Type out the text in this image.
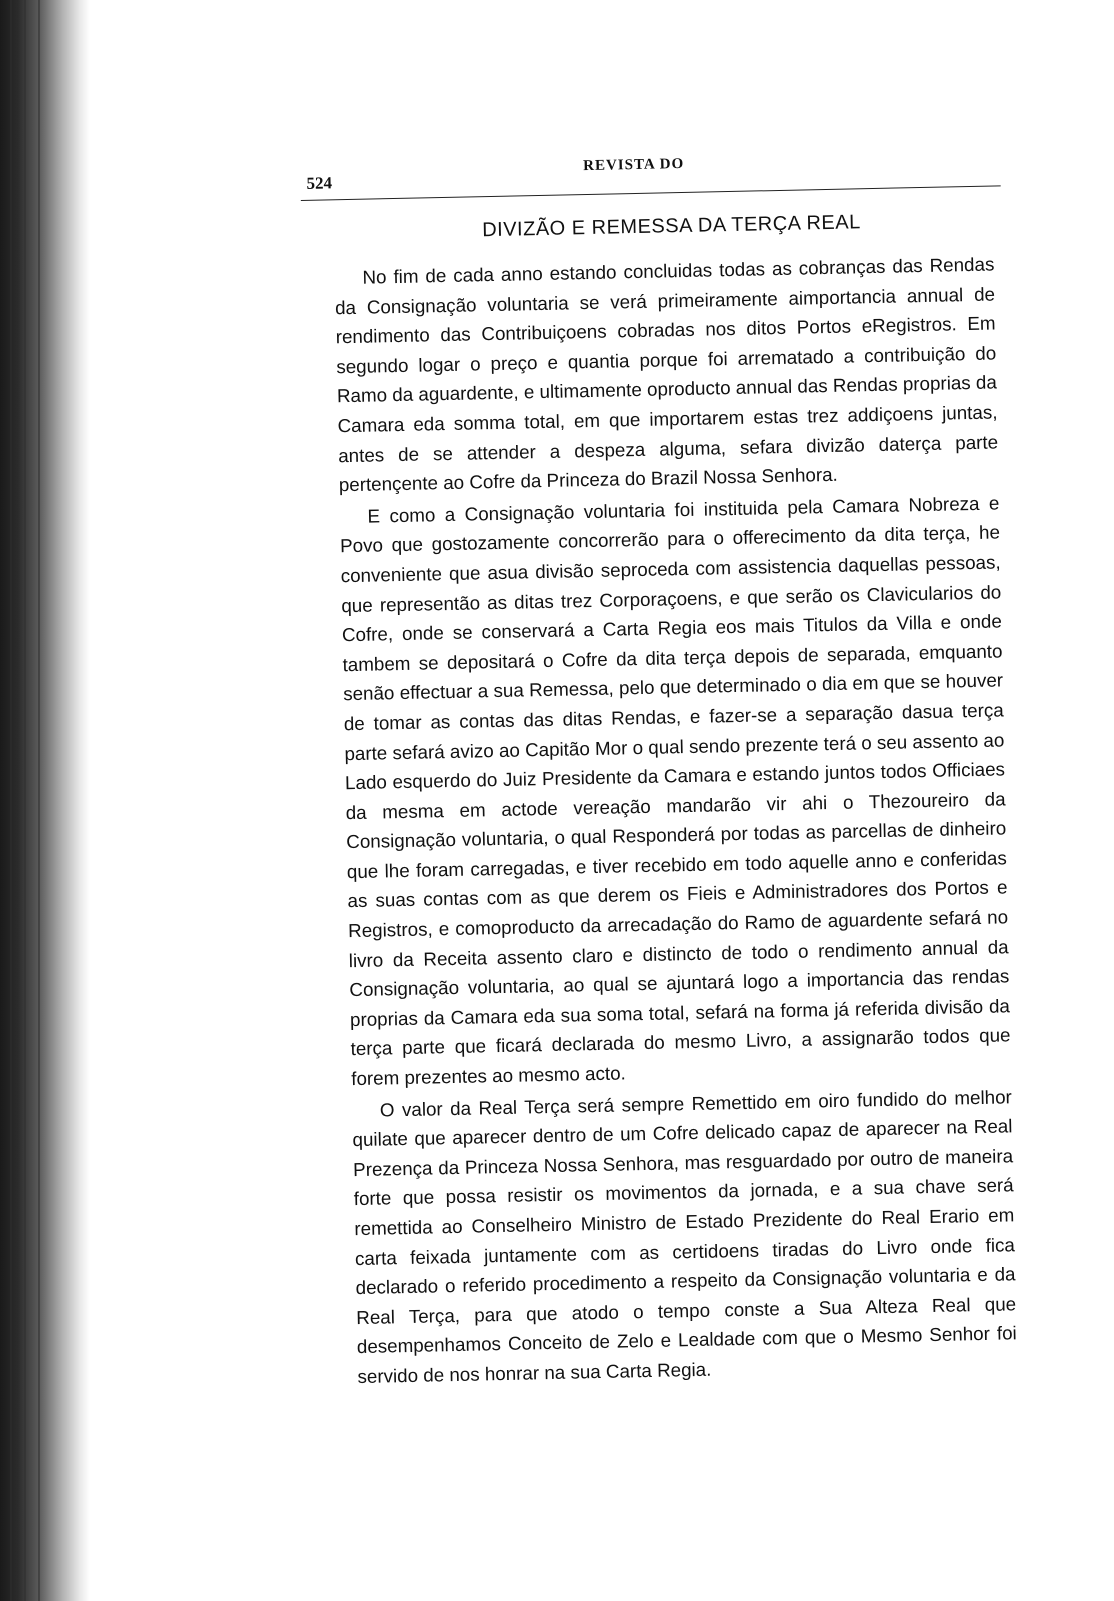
524
REVISTA DO
DIVIZÃO E REMESSA DA TERÇA REAL

No fim de cada anno estando concluidas todas as cobranças das Rendas da Consignação voluntaria se verá primeiramente aimportancia annual de rendimento das Contribuiçoens cobradas nos ditos Portos eRegistros. Em segundo logar o preço e quantia porque foi arrematado a contribuição do Ramo da aguardente, e ultimamente oproducto annual das Rendas proprias da Camara eda somma total, em que importarem estas trez addiçoens juntas, antes de se attender a despeza alguma, sefara divizão daterça parte pertençente ao Cofre da Princeza do Brazil Nossa Senhora.

E como a Consignação voluntaria foi instituida pela Camara Nobreza e Povo que gostozamente concorrerão para o offerecimento da dita terça, he conveniente que asua divisão seproceda com assistencia daquellas pessoas, que representão as ditas trez Corporaçoens, e que serão os Clavicularios do Cofre, onde se conservará a Carta Regia eos mais Titulos da Villa e onde tambem se depositará o Cofre da dita terça depois de separada, emquanto senão effectuar a sua Remessa, pelo que determinado o dia em que se houver de tomar as contas das ditas Rendas, e fazer-se a separação dasua terça parte sefará avizo ao Capitão Mor o qual sendo prezente terá o seu assento ao Lado esquerdo do Juiz Presidente da Camara e estando juntos todos Officiaes da mesma em actode vereação mandarão vir ahi o Thezoureiro da Consignação voluntaria, o qual Responderá por todas as parcellas de dinheiro que lhe foram carregadas, e tiver recebido em todo aquelle anno e conferidas as suas contas com as que derem os Fieis e Administradores dos Portos e Registros, e comoproducto da arrecadação do Ramo de aguardente sefará no livro da Receita assento claro e distincto de todo o rendimento annual da Consignação voluntaria, ao qual se ajuntará logo a importancia das rendas proprias da Camara eda sua soma total, sefará na forma já referida divisão da terça parte que ficará declarada do mesmo Livro, a assignarão todos que forem prezentes ao mesmo acto.

O valor da Real Terça será sempre Remettido em oiro fundido do melhor quilate que aparecer dentro de um Cofre delicado capaz de aparecer na Real Prezença da Princeza Nossa Senhora, mas resguardado por outro de maneira forte que possa resistir os movimentos da jornada, e a sua chave será remettida ao Conselheiro Ministro de Estado Prezidente do Real Erario em carta feixada juntamente com as certidoens tiradas do Livro onde fica declarado o referido procedimento a respeito da Consignação voluntaria e da Real Terça, para que atodo o tempo conste a Sua Alteza Real que desempenhamos Conceito de Zelo e Lealdade com que o Mesmo Senhor foi servido de nos honrar na sua Carta Regia.
